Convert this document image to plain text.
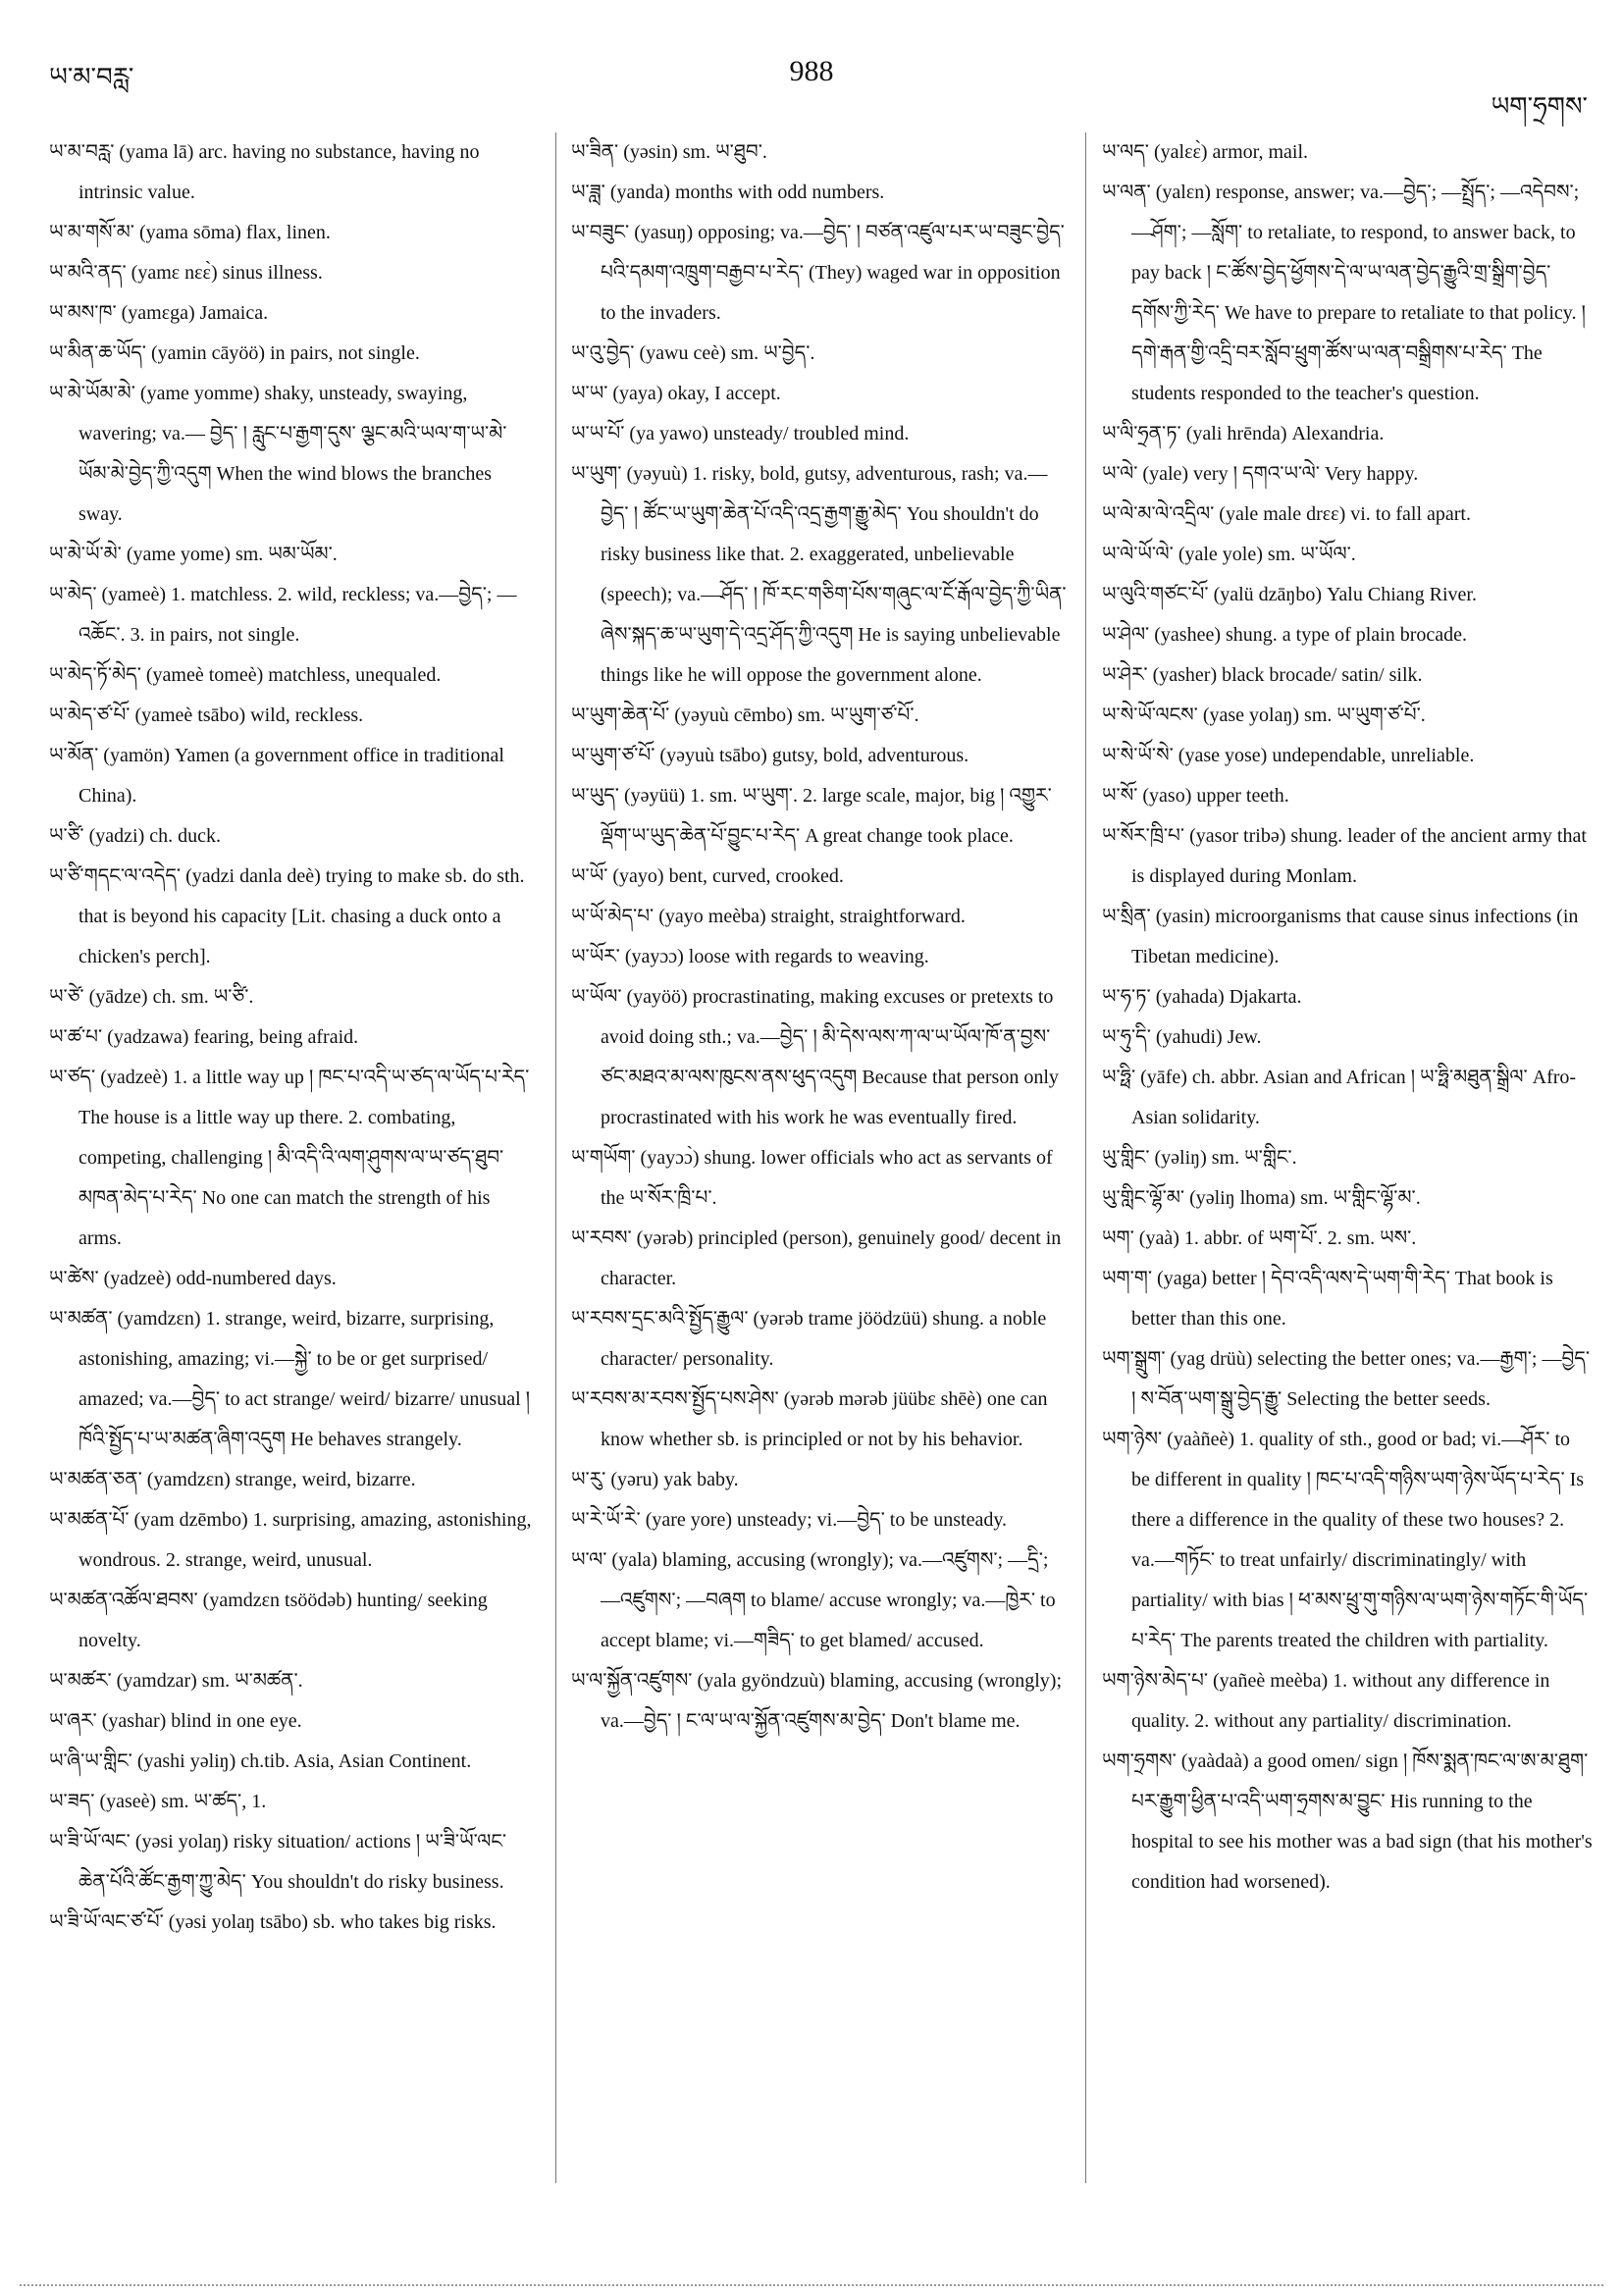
ཡ་མ་བརླ་	988
ཡག་ཧྲགས་

ཡ་མ་བརླ་ (yama lā) arc. having no substance, having no intrinsic value.

ཡ་མ་གསོ་མ་ (yama sōma) flax, linen.

ཡ་མའི་ནད་ (yamɛ nɛɛ̀) sinus illness.

ཡ་མས་ཁ་ (yamɛga) Jamaica.

ཡ་མིན་ཆ་ཡོད་ (yamin cāyöö) in pairs, not single.

ཡ་མེ་ཡོམ་མེ་ (yame yomme) shaky, unsteady, swaying, wavering; va.— བྱེད་ ། རླུང་པ་རྒྱག་དུས་ ལྕང་མའི་ཡལ་ག་ཡ་མེ་ཡོམ་མེ་བྱེད་ཀྱི་འདུག When the wind blows the branches sway.

ཡ་མེ་ཡོ་མེ་ (yame yome) sm. ཡམ་ཡོམ་.

ཡ་མེད་ (yameè) 1. matchless. 2. wild, reckless; va.—བྱེད་; —འཆོང་. 3. in pairs, not single.

ཡ་མེད་ཏོ་མེད་ (yameè tomeè) matchless, unequaled.

ཡ་མེད་ཙ་པོ་ (yameè tsābo) wild, reckless.

ཡ་མོན་ (yamön) Yamen (a government office in traditional China).

ཡ་ཙི་ (yadzi) ch. duck.

ཡ་ཙི་གདང་ལ་འདེད་ (yadzi danla deè) trying to make sb. do sth. that is beyond his capacity [Lit. chasing a duck onto a chicken's perch].

ཡ་ཙེ་ (yādze) ch. sm. ཡ་ཙི་.

ཡ་ཚ་པ་ (yadzawa) fearing, being afraid.

ཡ་ཙད་ (yadzeè) 1. a little way up ། ཁང་པ་འདི་ཡ་ཙད་ལ་ཡོད་པ་རེད་ The house is a little way up there. 2. combating, competing, challenging ། མི་འདི་འི་ལག་ཤུགས་ལ་ཡ་ཙད་ཐུབ་མཁན་མེད་པ་རེད་ No one can match the strength of his arms.

ཡ་ཚེས་ (yadzeè) odd-numbered days.

ཡ་མཚན་ (yamdzɛn) 1. strange, weird, bizarre, surprising, astonishing, amazing; vi.—སྐྱེ་ to be or get surprised/ amazed; va.—བྱེད་ to act strange/ weird/ bizarre/ unusual ། ཁོའི་སྤྱོད་པ་ཡ་མཚན་ཞིག་འདུག He behaves strangely.

ཡ་མཚན་ཅན་ (yamdzɛn) strange, weird, bizarre.

ཡ་མཚན་པོ་ (yam dzēmbo) 1. surprising, amazing, astonishing, wondrous. 2. strange, weird, unusual.

ཡ་མཚན་འཚོལ་ཐབས་ (yamdzɛn tsöödəb) hunting/ seeking novelty.

ཡ་མཚར་ (yamdzar) sm. ཡ་མཚན་.

ཡ་ཞར་ (yashar) blind in one eye.

ཡ་ཞི་ཡ་གླིང་ (yashi yəliŋ) ch.tib. Asia, Asian Continent.

ཡ་ཟད་ (yaseè) sm. ཡ་ཚད་, 1.

ཡ་ཟི་ཡོ་ལང་ (yəsi yolaŋ) risky situation/ actions ། ཡ་ཟི་ཡོ་ལང་ཆེན་པོའི་ཚོང་རྒྱག་ཀྱུ་མེད་ You shouldn't do risky business.

ཡ་ཟི་ཡོ་ལང་ཙ་པོ་ (yəsi yolaŋ tsābo) sb. who takes big risks.

ཡ་ཟིན་ (yəsin) sm. ཡ་ཐུབ་.

ཡ་ཟླ་ (yanda) months with odd numbers.

ཡ་བཟུང་ (yasuŋ) opposing; va.—བྱེད་ ། བཙན་འཛུལ་པར་ཡ་བཟུང་བྱེད་པའི་དམག་འཁྲུག་བརྒྱབ་པ་རེད་ (They) waged war in opposition to the invaders.

ཡ་འུ་བྱེད་ (yawu ceè) sm. ཡ་བྱེད་.

ཡ་ཡ་ (yaya) okay, I accept.

ཡ་ཡ་པོ་ (ya yawo) unsteady/ troubled mind.

ཡ་ཡུག་ (yəyuù) 1. risky, bold, gutsy, adventurous, rash; va.—བྱེད་ ། ཚོང་ཡ་ཡུག་ཆེན་པོ་འདི་འདྲ་རྒྱག་རྒྱུ་མེད་ You shouldn't do risky business like that. 2. exaggerated, unbelievable (speech); va.—ཤོད་ ། ཁོ་རང་གཅིག་པོས་གཞུང་ལ་ངོ་རྒོལ་བྱེད་ཀྱི་ཡིན་ཞེས་སྐད་ཆ་ཡ་ཡུག་དེ་འདྲ་ཤོད་ཀྱི་འདུག He is saying unbelievable things like he will oppose the government alone.

ཡ་ཡུག་ཆེན་པོ་ (yəyuù cēmbo) sm. ཡ་ཡུག་ཙ་པོ་.

ཡ་ཡུག་ཙ་པོ་ (yəyuù tsābo) gutsy, bold, adventurous.

ཡ་ཡུད་ (yəyüü) 1. sm. ཡ་ཡུག་. 2. large scale, major, big ། འགྱུར་ལྡོག་ཡ་ཡུད་ཆེན་པོ་བྱུང་པ་རེད་ A great change took place.

ཡ་ཡོ་ (yayo) bent, curved, crooked.

ཡ་ཡོ་མེད་པ་ (yayo meèba) straight, straightforward.

ཡ་ཡོར་ (yayɔɔ) loose with regards to weaving.

ཡ་ཡོལ་ (yayöö) procrastinating, making excuses or pretexts to avoid doing sth.; va.—བྱེད་ ། མི་དེས་ལས་ཀ་ལ་ཡ་ཡོལ་ཁོ་ན་བྱས་ཙང་མཐའ་མ་ལས་ཁུངས་ནས་ཕུད་འདུག Because that person only procrastinated with his work he was eventually fired.

ཡ་གཡོག་ (yayɔɔ̀) shung. lower officials who act as servants of the ཡ་སོར་ཁྲི་པ་.

ཡ་རབས་ (yərəb) principled (person), genuinely good/ decent in character.

ཡ་རབས་དྲང་མའི་སྤྱོད་རྒྱུལ་ (yərəb trame jöödzüü) shung. a noble character/ personality.

ཡ་རབས་མ་རབས་སྤྱོད་པས་ཤེས་ (yərəb mərəb jüübɛ shēè) one can know whether sb. is principled or not by his behavior.

ཡ་རུ་ (yəru) yak baby.

ཡ་རེ་ཡོ་རེ་ (yare yore) unsteady; vi.—བྱེད་ to be unsteady.

ཡ་ལ་ (yala) blaming, accusing (wrongly); va.—འཛུགས་; —དྲི་; —འཛུགས་; —བཞག to blame/ accuse wrongly; va.—ཁྱེར་ to accept blame; vi.—གཟིད་ to get blamed/ accused.

ཡ་ལ་སྐྱོན་འཛུགས་ (yala gyöndzuù) blaming, accusing (wrongly); va.—བྱེད་ ། ང་ལ་ཡ་ལ་སྐྱོན་འཛུགས་མ་བྱེད་ Don't blame me.

ཡ་ལད་ (yalɛɛ̀) armor, mail.

ཡ་ལན་ (yalɛn) response, answer; va.—བྱེད་; —སྤྲོད་; —འདེབས་; —ཤོག་; —སློག་ to retaliate, to respond, to answer back, to pay back ། ང་ཚོས་བྱེད་ཕྱོགས་དེ་ལ་ཡ་ལན་བྱེད་རྒྱུའི་གྲ་སྒྲིག་བྱེད་དགོས་ཀྱི་རེད་ We have to prepare to retaliate to that policy. ། དགེ་རྒན་གྱི་འདྲི་བར་སློབ་ཕྲུག་ཚོས་ཡ་ལན་བསྒྲིགས་པ་རེད་ The students responded to the teacher's question.

ཡ་ལི་ཧྲན་ཏ་ (yali hrēnda) Alexandria.

ཡ་ལེ་ (yale) very ། དགའ་ཡ་ལེ་ Very happy.

ཡ་ལེ་མ་ལེ་འདྲིལ་ (yale male drɛɛ) vi. to fall apart.

ཡ་ལེ་ཡོ་ལེ་ (yale yole) sm. ཡ་ཡོལ་.

ཡ་ལུའི་གཙང་པོ་ (yalü dzāŋbo) Yalu Chiang River.

ཡ་ཤེལ་ (yashee) shung. a type of plain brocade.

ཡ་ཤེར་ (yasher) black brocade/ satin/ silk.

ཡ་སེ་ཡོ་ལངས་ (yase yolaŋ) sm. ཡ་ཡུག་ཙ་པོ་.

ཡ་སེ་ཡོ་སེ་ (yase yose) undependable, unreliable.

ཡ་སོ་ (yaso) upper teeth.

ཡ་སོར་ཁྲི་པ་ (yasor tribə) shung. leader of the ancient army that is displayed during Monlam.

ཡ་སྲིན་ (yasin) microorganisms that cause sinus infections (in Tibetan medicine).

ཡ་ཧ་ཏ་ (yahada) Djakarta.

ཡ་ཧུ་དི་ (yahudi) Jew.

ཡ་ཧྥི་ (yāfe) ch. abbr. Asian and African ། ཡ་ཧྥི་མཐུན་སྒྲིལ་ Afro-Asian solidarity.

ཡུ་གླིང་ (yəliŋ) sm. ཡ་གླིང་.

ཡུ་གླིང་ལྷོ་མ་ (yəliŋ lhoma) sm. ཡ་གླིང་ལྷོ་མ་.

ཡག་ (yaà) 1. abbr. of ཡག་པོ་. 2. sm. ཡས་.

ཡག་ག་ (yaga) better ། དེབ་འདི་ལས་དེ་ཡག་གི་རེད་ That book is better than this one.

ཡག་སྒྲུག་ (yag drüù) selecting the better ones; va.—རྒྱག་; —བྱེད་ ། ས་བོན་ཡག་སྒྲུ་བྱེད་རྒྱུ་ Selecting the better seeds.

ཡག་ཉེས་ (yaàñeè) 1. quality of sth., good or bad; vi.—ཤོར་ to be different in quality ། ཁང་པ་འདི་གཉིས་ཡག་ཉེས་ཡོད་པ་རེད་ Is there a difference in the quality of these two houses? 2. va.—གཏོང་ to treat unfairly/ discriminatingly/ with partiality/ with bias ། ཕ་མས་ཕྲུ་གུ་གཉིས་ལ་ཡག་ཉེས་གཏོང་གི་ཡོད་པ་རེད་ The parents treated the children with partiality.

ཡག་ཉེས་མེད་པ་ (yañeè meèba) 1. without any difference in quality. 2. without any partiality/ discrimination.

ཡག་ཧྲགས་ (yaàdaà) a good omen/ sign ། ཁོས་སྨན་ཁང་ལ་ཨ་མ་ཐུག་པར་རྒྱུག་ཕྱིན་པ་འདི་ཡག་ཧྲགས་མ་བྱུང་ His running to the hospital to see his mother was a bad sign (that his mother's condition had worsened).
